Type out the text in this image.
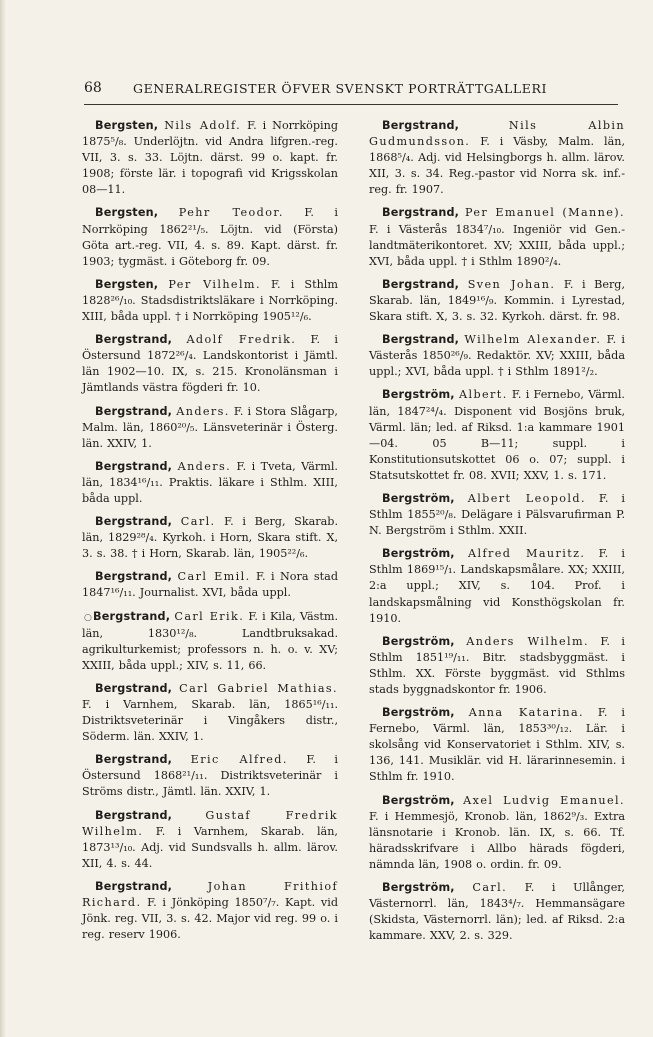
68 GENERALREGISTER ÖFVER SVENSKT PORTRÄTTGALLERI

Bergsten, Nils Adolf. F. i Norrköping 1875⁵/₈. Underlöjtn. vid Andra lifgren.-reg. VII, 3. s. 33. Löjtn. därst. 99 o. kapt. fr. 1908; förste lär. i topografi vid Krigsskolan 08—11.

Bergsten, Pehr Teodor. F. i Norrköping 1862²¹/₅. Löjtn. vid (Första) Göta art.-reg. VII, 4. s. 89. Kapt. därst. fr. 1903; tygmäst. i Göteborg fr. 09.

Bergsten, Per Vilhelm. F. i Sthlm 1828²⁶/₁₀. Stadsdistriktsläkare i Norrköping. XIII, båda uppl. † i Norrköping 1905¹²/₆.

Bergstrand, Adolf Fredrik. F. i Östersund 1872²⁶/₄. Landskontorist i Jämtl. län 1902—10. IX, s. 215. Kronolänsman i Jämtlands västra fögderi fr. 10.

Bergstrand, Anders. F. i Stora Slågarp, Malm. län, 1860²⁰/₅. Länsveterinär i Österg. län. XXIV, 1.

Bergstrand, Anders. F. i Tveta, Värml. län, 1834¹⁶/₁₁. Praktis. läkare i Sthlm. XIII, båda uppl.

Bergstrand, Carl. F. i Berg, Skarab. län, 1829²⁸/₄. Kyrkoh. i Horn, Skara stift. X, 3. s. 38. † i Horn, Skarab. län, 1905²²/₆.

Bergstrand, Carl Emil. F. i Nora stad 1847¹⁶/₁₁. Journalist. XVI, båda uppl.

○Bergstrand, Carl Erik. F. i Kila, Västm. län, 1830¹²/₈. Landtbruksakad. agrikulturkemist; professors n. h. o. v. XV; XXIII, båda uppl.; XIV, s. 11, 66.

Bergstrand, Carl Gabriel Mathias. F. i Varnhem, Skarab. län, 1865¹⁶/₁₁. Distriktsveterinär i Vingåkers distr., Söderm. län. XXIV, 1.

Bergstrand, Eric Alfred. F. i Östersund 1868²¹/₁₁. Distriktsveterinär i Ströms distr., Jämtl. län. XXIV, 1.

Bergstrand,	Gustaf Fredrik Wilhelm. F. i Varnhem, Skarab. län, 1873¹³/₁₀. Adj. vid Sundsvalls h. allm. lärov. XII, 4. s. 44.

Bergstrand,	Johan Frithiof Richard. F. i Jönköping 1850⁷/₇. Kapt. vid Jönk. reg. VII, 3. s. 42. Major vid reg. 99 o. i reg. reserv 1906.

Bergstrand,	Nils Albin Gudmundsson. F. i Väsby, Malm. län, 1868⁵/₄. Adj. vid Helsingborgs h. allm. lärov. XII, 3. s. 34. Reg.-pastor vid Norra sk. inf.-reg. fr. 1907.

Bergstrand, Per Emanuel (Manne). F. i Västerås 1834⁷/₁₀. Ingeniör vid Gen.-landtmäterikontoret. XV; XXIII, båda uppl.; XVI, båda uppl. † i Sthlm 1890²/₄.

Bergstrand, Sven Johan. F. i Berg, Skarab. län, 1849¹⁶/₉. Kommin. i Lyrestad, Skara stift. X, 3. s. 32. Kyrkoh. därst. fr. 98.

Bergstrand, Wilhelm Alexander. F. i Västerås 1850²⁶/₉. Redaktör. XV; XXIII, båda uppl.; XVI, båda uppl. † i Sthlm 1891²/₂.

Bergström, Albert. F. i Fernebo, Värml. län, 1847²⁴/₄. Disponent vid Bosjöns bruk, Värml. län; led. af Riksd. 1:a kammare 1901—04. 05 B—11; suppl. i Konstitutionsutskottet 06 o. 07; suppl. i Statsutskottet fr. 08. XVII; XXV, 1. s. 171.

Bergström, Albert Leopold. F. i Sthlm 1855²⁰/₈. Delägare i Pälsvarufirman P. N. Bergström i Sthlm. XXII.

Bergström, Alfred Mauritz. F. i Sthlm 1869¹⁵/₁. Landskapsmålare. XX; XXIII, 2:a uppl.; XIV, s. 104. Prof. i landskapsmålning vid Konsthögskolan fr. 1910.

Bergström, Anders Wilhelm. F. i Sthlm 1851¹⁹/₁₁. Bitr. stadsbyggmäst. i Sthlm. XX. Förste byggmäst. vid Sthlms stads byggnadskontor fr. 1906.

Bergström, Anna Katarina. F. i Fernebo, Värml. län, 1853³⁰/₁₂. Lär. i skolsång vid Konservatoriet i Sthlm. XIV, s. 136, 141. Musiklär. vid H. lärarinnesemin. i Sthlm fr. 1910.

Bergström, Axel Ludvig Emanuel. F. i Hemmesjö, Kronob. län, 1862⁹/₃. Extra länsnotarie i Kronob. län. IX, s. 66. Tf. häradsskrifvare i Allbo härads fögderi, nämnda län, 1908 o. ordin. fr. 09.

Bergström, Carl. F. i Ullånger, Västernorrl. län, 1843⁴/₇. Hemmansägare (Skidsta, Västernorrl. län); led. af Riksd. 2:a kammare. XXV, 2. s. 329.
